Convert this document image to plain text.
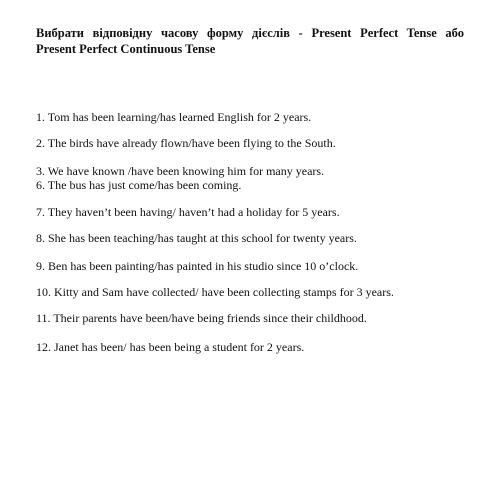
Вибрати відповідну часову форму дієслів - Present Perfect Tense або
Present Perfect Continuous Tense
1. Tom has been learning/has learned English for 2 years.
2. The birds have already flown/have been flying to the South.
3. We have known /have been knowing him for many years.
6. The bus has just come/has been coming.
7. They haven’t been having/ haven’t had a holiday for 5 years.
8. She has been teaching/has taught at this school for twenty years.
9. Ben has been painting/has painted in his studio since 10 o’clock.
10. Kitty and Sam have collected/ have been collecting stamps for 3 years.
11. Their parents have been/have being friends since their childhood.
12. Janet has been/ has been being a student for 2 years.
